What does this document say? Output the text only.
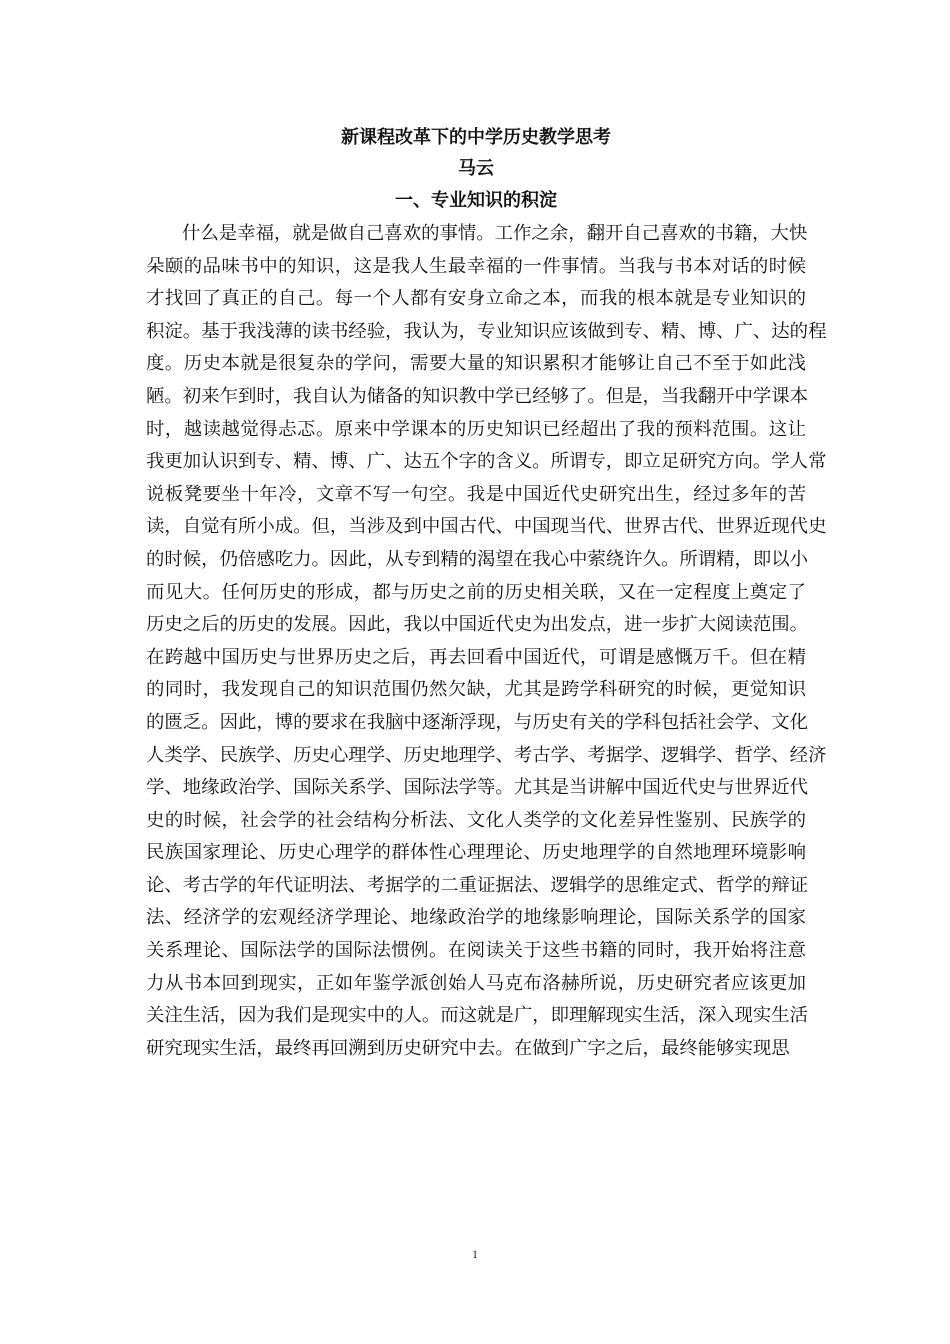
新课程改革下的中学历史教学思考
马云
一、专业知识的积淀
什么是幸福，就是做自己喜欢的事情。工作之余，翻开自己喜欢的书籍，大快
朵颐的品味书中的知识，这是我人生最幸福的一件事情。当我与书本对话的时候
才找回了真正的自己。每一个人都有安身立命之本，而我的根本就是专业知识的
积淀。基于我浅薄的读书经验，我认为，专业知识应该做到专、精、博、广、达的程
度。历史本就是很复杂的学问，需要大量的知识累积才能够让自己不至于如此浅
陋。初来乍到时，我自认为储备的知识教中学已经够了。但是，当我翻开中学课本
时，越读越觉得忐忑。原来中学课本的历史知识已经超出了我的预料范围。这让
我更加认识到专、精、博、广、达五个字的含义。所谓专，即立足研究方向。学人常
说板凳要坐十年冷，文章不写一句空。我是中国近代史研究出生，经过多年的苦
读，自觉有所小成。但，当涉及到中国古代、中国现当代、世界古代、世界近现代史
的时候，仍倍感吃力。因此，从专到精的渴望在我心中萦绕许久。所谓精，即以小
而见大。任何历史的形成，都与历史之前的历史相关联，又在一定程度上奠定了
历史之后的历史的发展。因此，我以中国近代史为出发点，进一步扩大阅读范围。
在跨越中国历史与世界历史之后，再去回看中国近代，可谓是感慨万千。但在精
的同时，我发现自己的知识范围仍然欠缺，尤其是跨学科研究的时候，更觉知识
的匮乏。因此，博的要求在我脑中逐渐浮现，与历史有关的学科包括社会学、文化
人类学、民族学、历史心理学、历史地理学、考古学、考据学、逻辑学、哲学、经济
学、地缘政治学、国际关系学、国际法学等。尤其是当讲解中国近代史与世界近代
史的时候，社会学的社会结构分析法、文化人类学的文化差异性鉴别、民族学的
民族国家理论、历史心理学的群体性心理理论、历史地理学的自然地理环境影响
论、考古学的年代证明法、考据学的二重证据法、逻辑学的思维定式、哲学的辩证
法、经济学的宏观经济学理论、地缘政治学的地缘影响理论，国际关系学的国家
关系理论、国际法学的国际法惯例。在阅读关于这些书籍的同时，我开始将注意
力从书本回到现实，正如年鉴学派创始人马克布洛赫所说，历史研究者应该更加
关注生活，因为我们是现实中的人。而这就是广，即理解现实生活，深入现实生活
研究现实生活，最终再回溯到历史研究中去。在做到广字之后，最终能够实现思
1
